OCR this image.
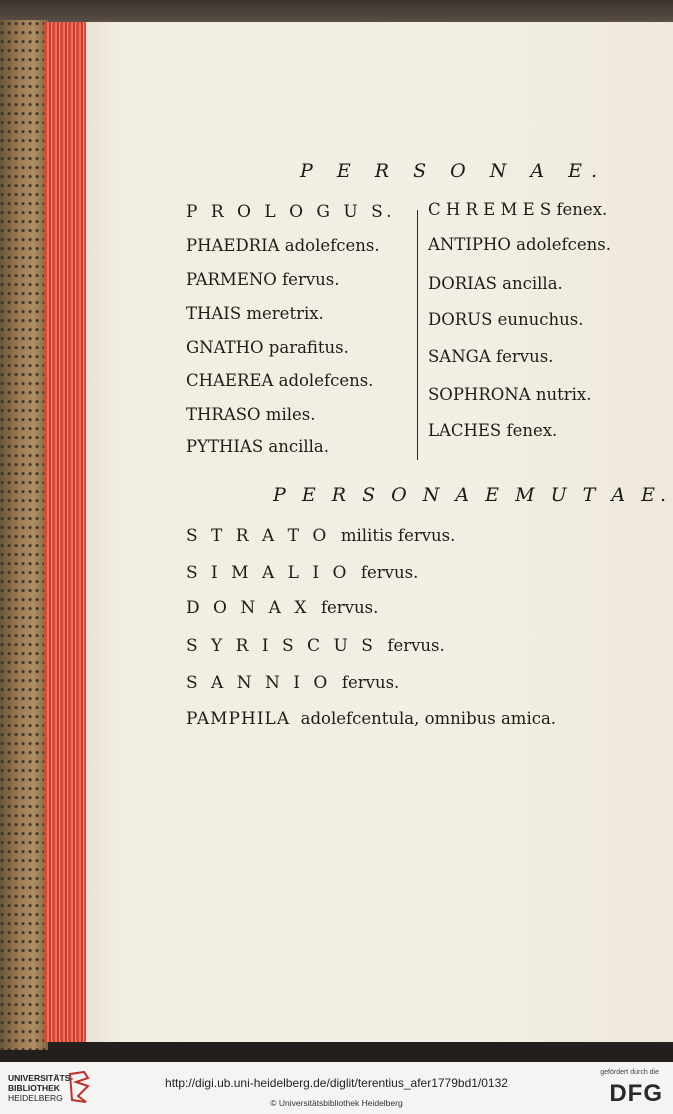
P E R S O N A E.
C H R E M E S fenex.
P E R S O N A E M U T A E.
S T R A T O militis fervus.
S I M A L I O fervus.
D O N A X fervus.
S Y R I S C U S fervus.
S A N N I O fervus.
PAMPHILA adolefcentula, omnibus amica.
UNIVERSITÄTS-
BIBLIOTHEK
HEIDELBERG
http://digi.ub.uni-heidelberg.de/diglit/terentius_afer1779bd1/0132
© Universitätsbibliothek Heidelberg
gefördert durch die
DFG
